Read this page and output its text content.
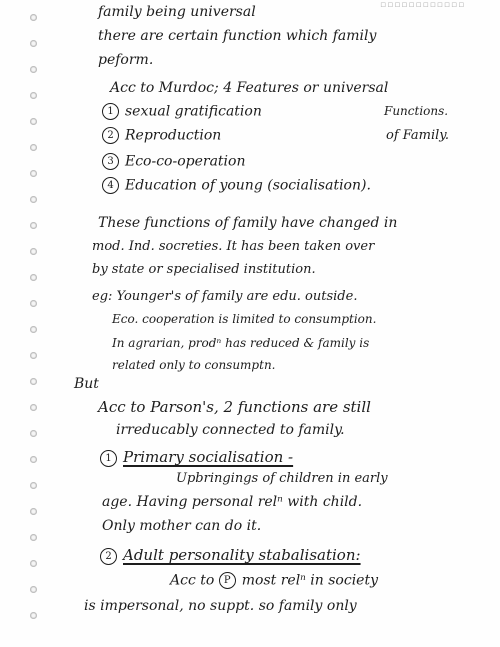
▫▫▫▫▫▫▫▫▫▫▫▫
family being universal
there are certain function which family
peform.
Acc to Murdoc; 4 Features or universal
Functions.
1 sexual gratification
2 Reproduction	of Family.
3 Eco-co-operation
4 Education of young (socialisation).
These functions of family have changed in
mod. Ind. socreties. It has been taken over
by state or specialised institution.
eg: Younger's of family are edu. outside.
Eco. cooperation is limited to consumption.
In agrarian, prodⁿ has reduced & family is
related only to consumptn.
But
Acc to Parson's, 2 functions are still
irreducably connected to family.
1 Primary socialisation -
Upbringings of children in early
age. Having personal relⁿ with child.
Only mother can do it.
2 Adult personality stabalisation:
Acc to P most relⁿ in society
is impersonal, no suppt. so family only
